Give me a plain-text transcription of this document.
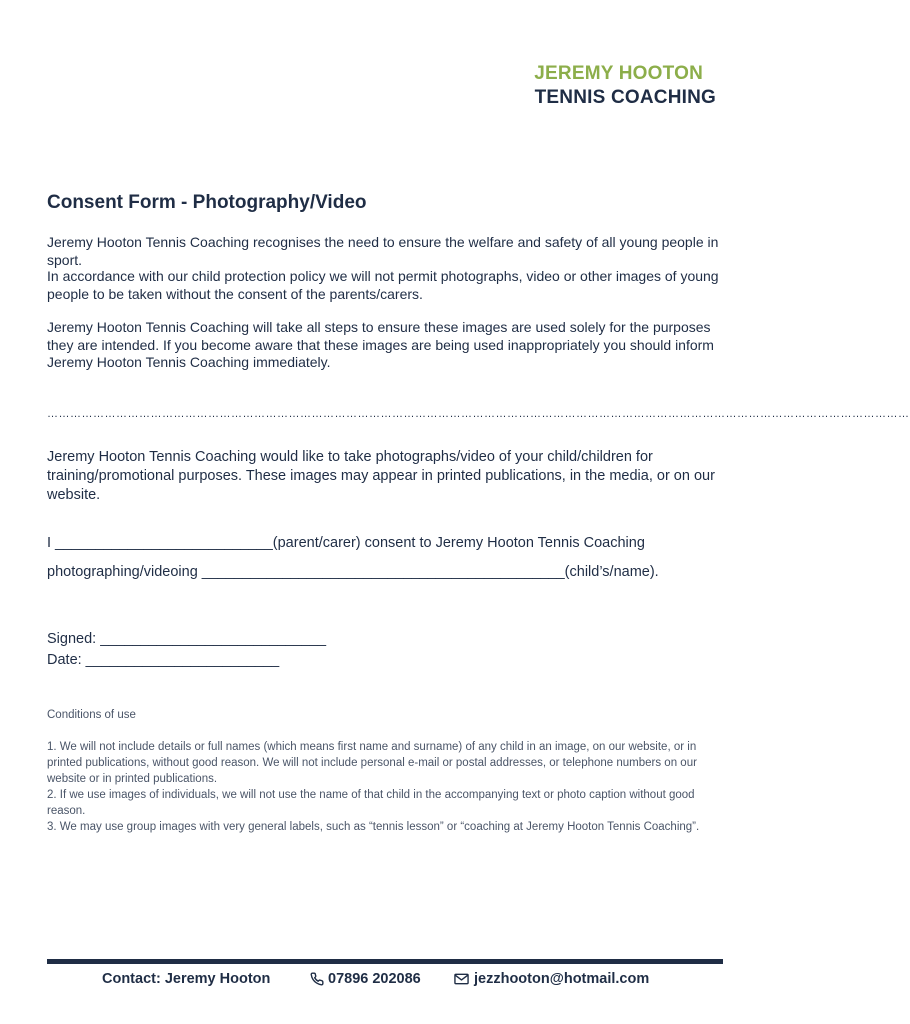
JEREMY HOOTON
TENNIS COACHING
Consent Form - Photography/Video
Jeremy Hooton Tennis Coaching recognises the need to ensure the welfare and safety of all young people in sport.
In accordance with our child protection policy we will not permit photographs, video or other images of young people to be taken without the consent of the parents/carers.
Jeremy Hooton Tennis Coaching will take all steps to ensure these images are used solely for the purposes they are intended. If you become aware that these images are being used inappropriately you should inform Jeremy Hooton Tennis Coaching immediately.
………………………………………………………………………………………………………………………………………………………………………………………………………
Jeremy Hooton Tennis Coaching would like to take photographs/video of your child/children for training/promotional purposes. These images may appear in printed publications, in the media, or on our website.
I ___________________________(parent/carer) consent to Jeremy Hooton Tennis Coaching
photographing/videoing _____________________________________________(child’s/name).
Signed: ____________________________
Date: ________________________
Conditions of use
1. We will not include details or full names (which means first name and surname) of any child in an image, on our website, or in printed publications, without good reason. We will not include personal e-mail or postal addresses, or telephone numbers on our website or in printed publications.
2. If we use images of individuals, we will not use the name of that child in the accompanying text or photo caption without good reason.
3. We may use group images with very general labels, such as “tennis lesson” or “coaching at Jeremy Hooton Tennis Coaching”.
Contact: Jeremy Hooton	07896 202086	jezzhooton@hotmail.com
